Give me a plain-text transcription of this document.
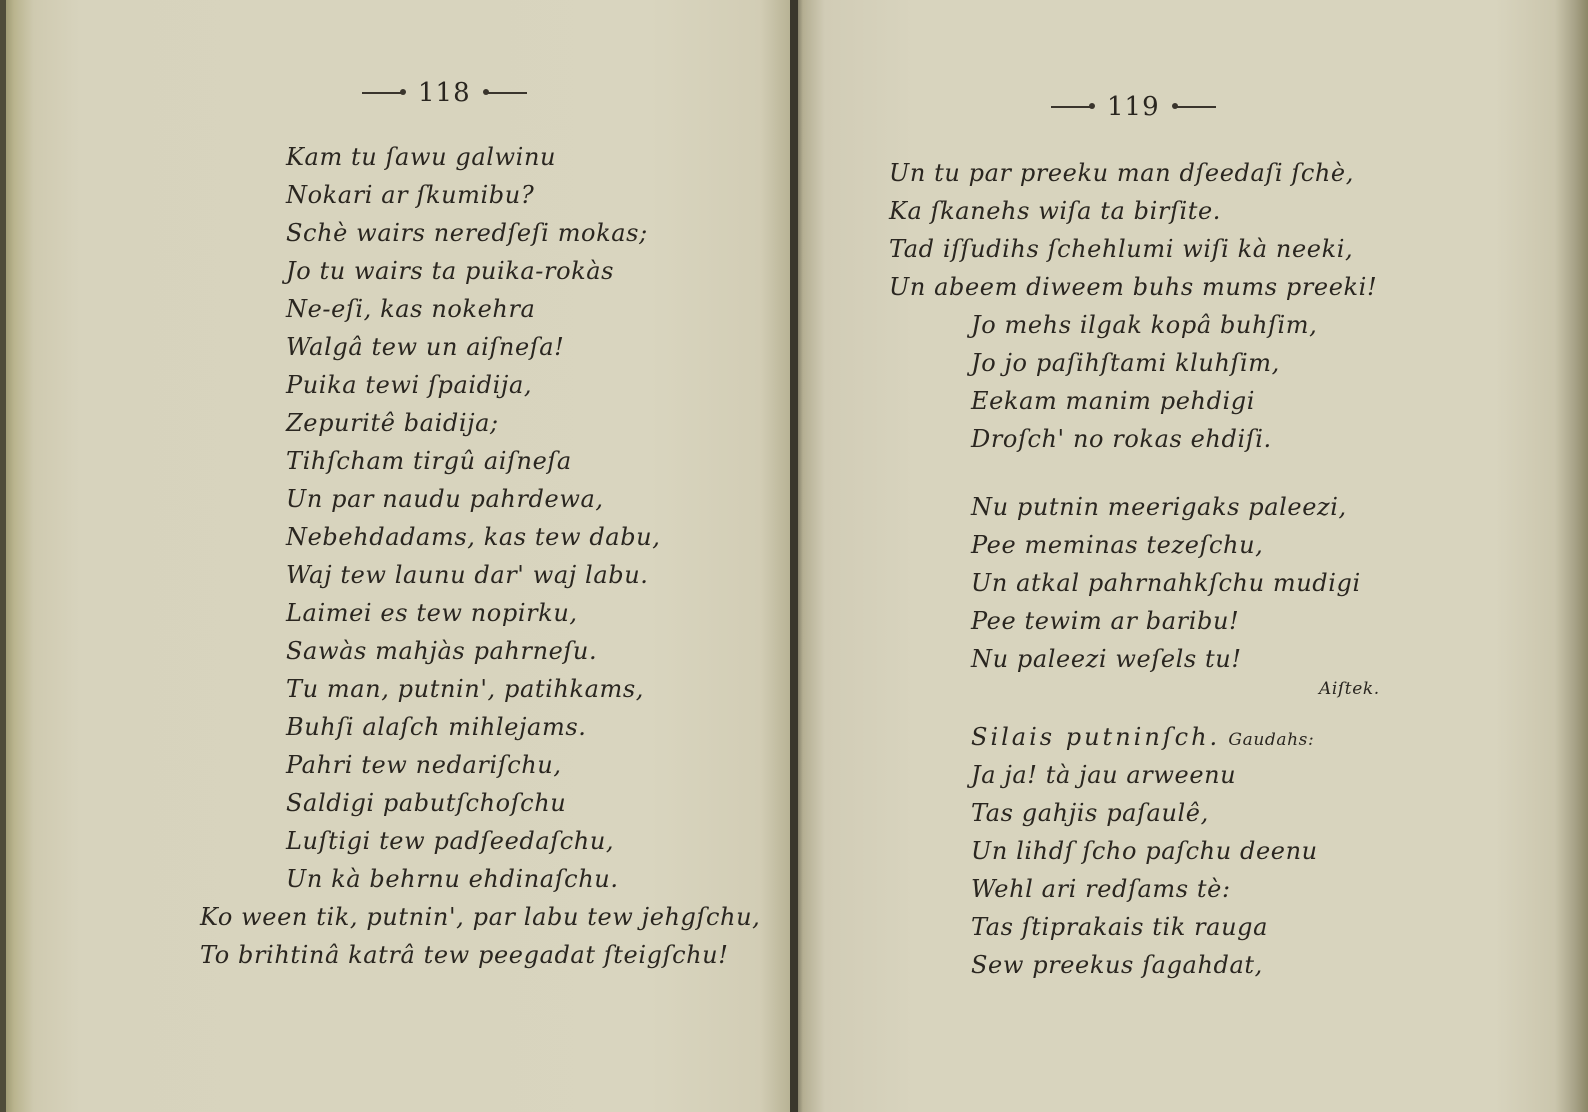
118
Kam tu ſawu galwinu
Nokari ar ſkumibu?
Schè wairs neredſeſi mokas;
Jo tu wairs ta puika-rokàs
Ne-eſi, kas nokehra
Walgâ tew un aiſneſa!
Puika tewi ſpaidija,
Zepuritê baidija;
Tihſcham tirgû aiſneſa
Un par naudu pahrdewa,
Nebehdadams, kas tew dabu,
Waj tew launu dar' waj labu.
Laimei es tew nopirku,
Sawàs mahjàs pahrneſu.
Tu man, putnin', patihkams,
Buhſi alaſch mihlejams.
Pahri tew nedariſchu,
Saldigi pabutſchoſchu
Luſtigi tew padſeedaſchu,
Un kà behrnu ehdinaſchu.
Ko ween tik, putnin', par labu tew jehgſchu,
To brihtinâ katrâ tew peegadat ſteigſchu!
119
Un tu par preeku man dſeedaſi ſchè,
Ka ſkanehs wiſa ta birſite.
Tad iſſudihs ſchehlumi wiſi kà neeki,
Un abeem diweem buhs mums preeki!
Jo mehs ilgak kopâ buhſim,
Jo jo paſihſtami kluhſim,
Eekam manim pehdigi
Droſch' no rokas ehdiſi.
Nu putnin meerigaks paleezi,
Pee meminas tezeſchu,
Un atkal pahrnahkſchu mudigi
Pee tewim ar baribu!
Nu paleezi weſels tu!
Aiſtek.
Silais putninſch. Gaudahs:
Ja ja! tà jau arweenu
Tas gahjis paſaulê,
Un lihdſ ſcho paſchu deenu
Wehl ari redſams tè:
Tas ſtiprakais tik rauga
Sew preekus ſagahdat,
